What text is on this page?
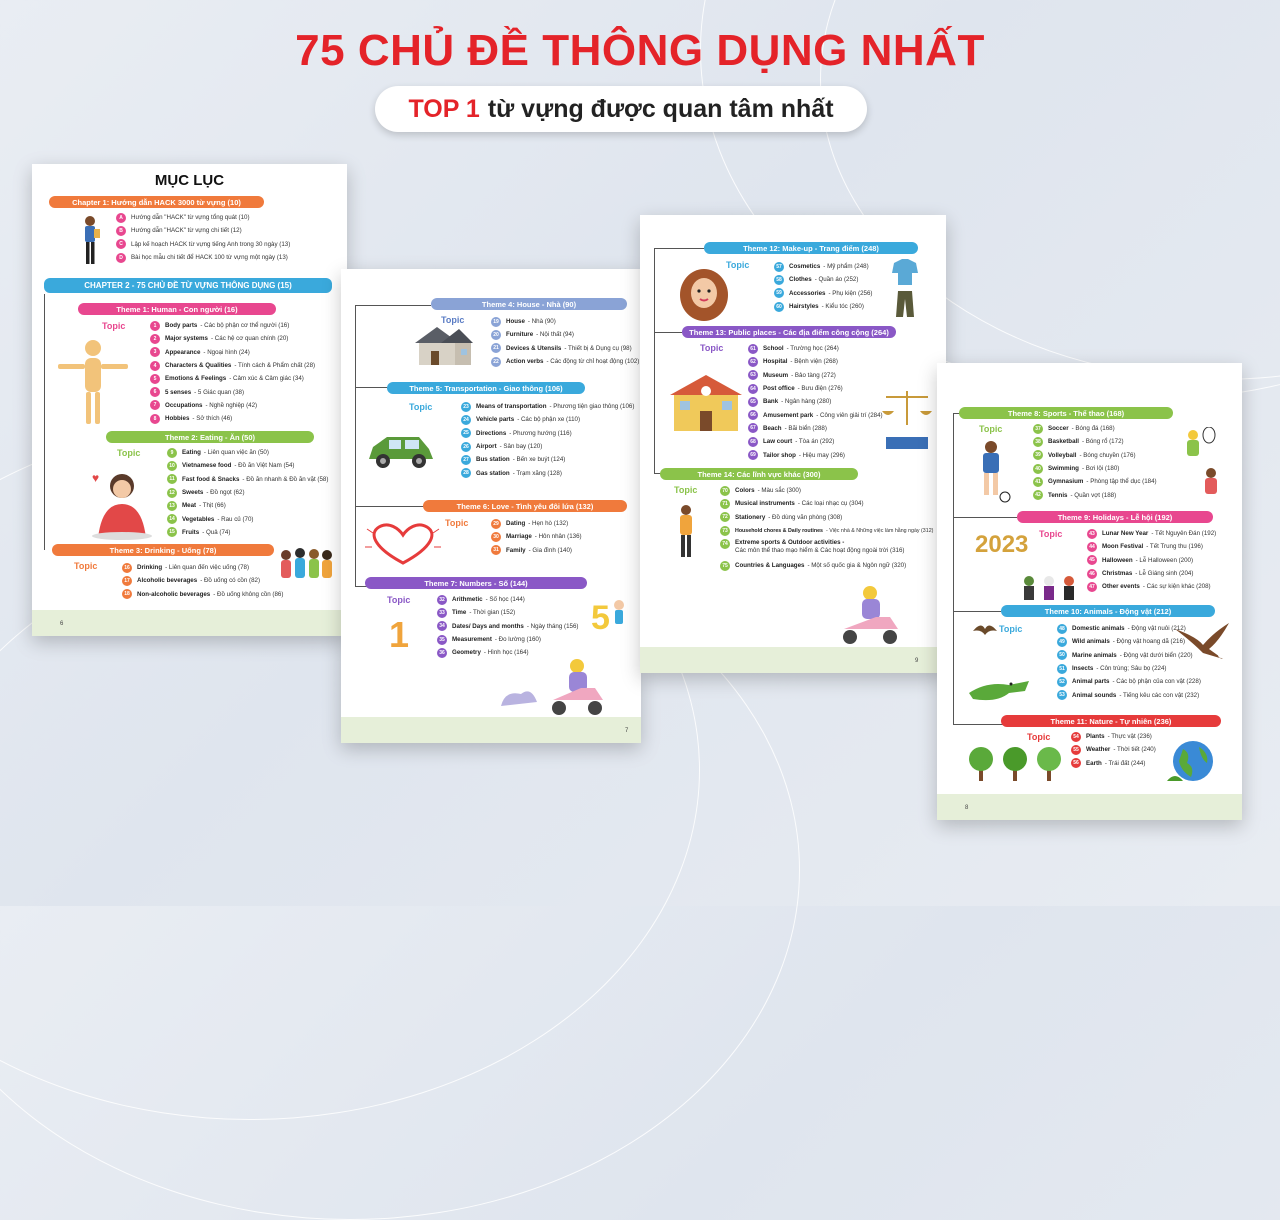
75 CHỦ ĐỀ THÔNG DỤNG NHẤT
TOP 1 từ vựng được quan tâm nhất
MỤC LỤC
Chapter 1: Hướng dẫn HACK 3000 từ vựng (10)
A	Hướng dẫn "HACK" từ vựng tổng quát (10)
B	Hướng dẫn "HACK" từ vựng chi tiết (12)
C	Lập kế hoạch HACK từ vựng tiếng Anh trong 30 ngày (13)
D	Bài học mẫu chi tiết để HACK 100 từ vựng một ngày (13)
CHAPTER 2 - 75 CHỦ ĐỀ TỪ VỰNG THÔNG DỤNG (15)
Theme 1: Human - Con người (16)
Topic	1	Body parts - Các bộ phận cơ thể người (16)
2	Major systems - Các hệ cơ quan chính (20)
3	Appearance - Ngoại hình (24)
4	Characters & Qualities - Tính cách & Phẩm chất (28)
5	Emotions & Feelings - Cảm xúc & Cảm giác (34)
6	5 senses - 5 Giác quan (38)
7	Occupations - Nghề nghiệp (42)
8	Hobbies - Sở thích (46)
Theme 2: Eating - Ăn (50)
Topic
♥
9	Eating - Liên quan việc ăn (50)
10	Vietnamese food - Đồ ăn Việt Nam (54)
11	Fast food & Snacks - Đồ ăn nhanh & Đồ ăn vặt (58)
12	Sweets - Đồ ngọt (62)
13	Meat - Thịt (66)
14	Vegetables - Rau củ (70)
15	Fruits - Quả (74)
Theme 3: Drinking - Uống (78)
Topic	16	Drinking - Liên quan đến việc uống (78)
17	Alcoholic beverages - Đồ uống có cồn (82)
18	Non-alcoholic beverages - Đồ uống không cồn (86)
6
Theme 4: House - Nhà (90)
Topic	19	House - Nhà (90)
20	Furniture - Nội thất (94)
21	Devices & Utensils - Thiết bị & Dụng cụ (98)
22	Action verbs - Các động từ chỉ hoạt động (102)
Theme 5: Transportation - Giao thông (106)
Topic	23	Means of transportation - Phương tiện giao thông (106)
24	Vehicle parts - Các bộ phận xe (110)
25	Directions - Phương hướng (116)
26	Airport - Sân bay (120)
27	Bus station - Bến xe buýt (124)
28	Gas station - Trạm xăng (128)
Theme 6: Love - Tình yêu đôi lứa (132)
Topic	29	Dating - Hẹn hò (132)
30	Marriage - Hôn nhân (136)
31	Family - Gia đình (140)
Theme 7: Numbers - Số (144)
Topic
1
32	Arithmetic - Số học (144)
33	Time - Thời gian (152)
34	Dates/ Days and months - Ngày tháng (156)
35	Measurement - Đo lường (160)
36	Geometry - Hình học (164)
5
7
Theme 12: Make-up - Trang điểm (248)
Topic	57	Cosmetics - Mỹ phẩm (248)
58	Clothes - Quần áo (252)
59	Accessories - Phụ kiện (256)
60	Hairstyles - Kiểu tóc (260)
Theme 13: Public places - Các địa điểm công cộng (264)
Topic	61	School - Trường học (264)
62	Hospital - Bệnh viện (268)
63	Museum - Bảo tàng (272)
64	Post office - Bưu điện (276)
65	Bank - Ngân hàng (280)
66	Amusement park - Công viên giải trí (284)
67	Beach - Bãi biển (288)
68	Law court - Tòa án (292)
69	Tailor shop - Hiệu may (296)
Theme 14: Các lĩnh vực khác (300)
Topic	70	Colors - Màu sắc (300)
71	Musical instruments - Các loại nhạc cụ (304)
72	Stationery - Đồ dùng văn phòng (308)
73	Household chores & Daily routines - Việc nhà & Những việc làm hằng ngày (312)
74	Extreme sports & Outdoor activities -
Các môn thể thao mạo hiểm & Các hoạt động ngoài trời (316)
75	Countries & Languages - Một số quốc gia & Ngôn ngữ (320)
9
Theme 8: Sports - Thể thao (168)
Topic	37	Soccer - Bóng đá (168)
38	Basketball - Bóng rổ (172)
39	Volleyball - Bóng chuyền (176)
40	Swimming - Bơi lội (180)
41	Gymnasium - Phòng tập thể dục (184)
42	Tennis - Quần vợt (188)
Theme 9: Holidays - Lễ hội (192)
2023 Topic	43	Lunar New Year - Tết Nguyên Đán (192)
44	Moon Festival - Tết Trung thu (196)
45	Halloween - Lễ Halloween (200)
46	Christmas - Lễ Giáng sinh (204)
47	Other events - Các sự kiện khác (208)
Theme 10: Animals - Động vật (212)
Topic	48	Domestic animals - Động vật nuôi (212)
49	Wild animals - Động vật hoang dã (216)
50	Marine animals - Động vật dưới biển (220)
51	Insects - Côn trùng; Sâu bọ (224)
52	Animal parts - Các bộ phận của con vật (228)
53	Animal sounds - Tiếng kêu các con vật (232)
Theme 11: Nature - Tự nhiên (236)
Topic	54	Plants - Thực vật (236)
55	Weather - Thời tiết (240)
56	Earth - Trái đất (244)
8
